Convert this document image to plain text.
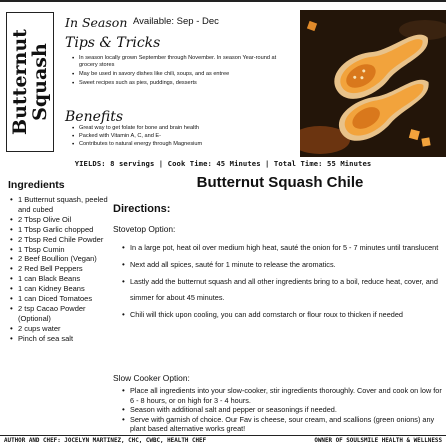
Butternut
Squash
In Season Available: Sep - Dec
Tips & Tricks
• In season locally grown September through November. In season Year-round at grocery stores
• May be used in savory dishes like chili, soups, and as entree
• Sweet recipes such as pies, puddings, desserts
Benefits
• Great way to get folate for bone and brain health
• Packed with Vitamin A, C, and E-
• Contributes to natural energy through Magnesium
YIELDS: 8 servings | Cook Time: 45 Minutes | Total Time: 55 Minutes
Ingredients
• 1 Butternut squash, peeled and cubed
• 2 Tbsp Olive Oil
• 1 Tbsp Garlic chopped
• 2 Tbsp Red Chile Powder
• 1 Tbsp Cumin
• 2 Beef Boullion (Vegan)
• 2 Red Bell Peppers
• 1 can Black Beans
• 1 can Kidney Beans
• 1 can Diced Tomatoes
• 2 tsp Cacao Powder (Optional)
• 2 cups water
• Pinch of sea salt
Butternut Squash Chile
Directions:
Stovetop Option:
• In a large pot, heat oil over medium high heat, sauté the onion for 5 - 7 minutes until translucent
• Next add all spices, sauté for 1 minute to release the aromatics.
• Lastly add the butternut squash and all other ingredients bring to a boil, reduce heat, cover, and simmer for about 45 minutes.
• Chili will thick upon cooling, you can add cornstarch or flour roux to thicken if needed
Slow Cooker Option:
• Place all ingredients into your slow-cooker, stir ingredients thoroughly. Cover and cook on low for 6 - 8 hours, or on high for 3 - 4 hours.
• Season with additional salt and pepper or seasonings if needed.
• Serve with garnish of choice. Our Fav is cheese, sour cream, and scallions (green onions) any plant based alternative works great!
AUTHOR AND CHEF: JOCELYN MARTINEZ, CHC, CWBC, HEALTH CHEF	OWNER OF SOULSMILE HEALTH & WELLNESS
